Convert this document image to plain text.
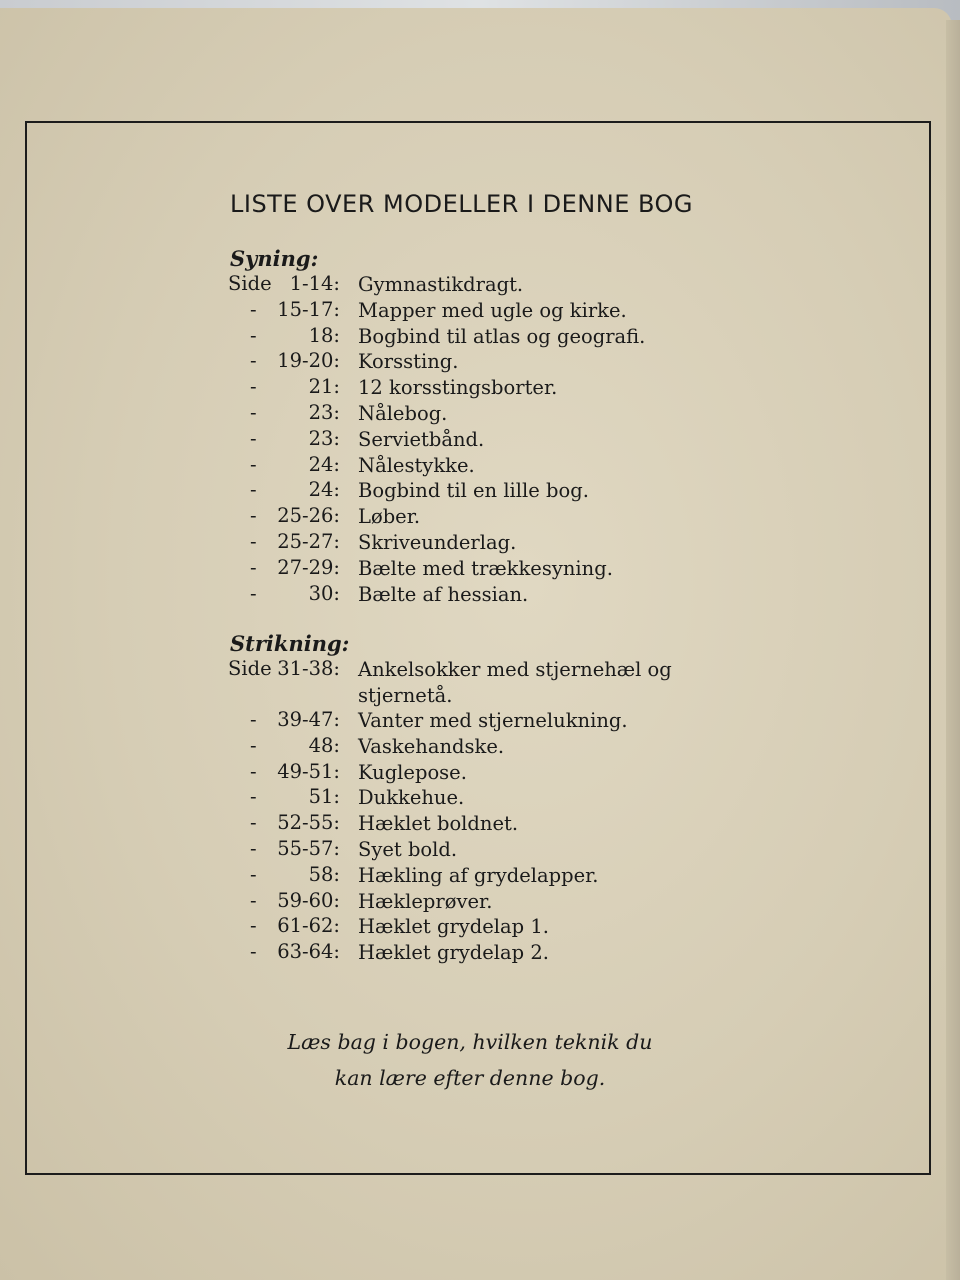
LISTE OVER MODELLER I DENNE BOG
Syning:
Side 1-14: Gymnastikdragt.
-	15-17: Mapper med ugle og kirke.
-	18: Bogbind til atlas og geografi.
-	19-20: Korssting.
-	21: 12 korsstingsborter.
-	23: Nålebog.
-	23: Servietbånd.
-	24: Nålestykke.
-	24: Bogbind til en lille bog.
-	25-26: Løber.
-	25-27: Skriveunderlag.
-	27-29: Bælte med trækkesyning.
-	30: Bælte af hessian.
Strikning:
Side 31-38: Ankelsokker med stjernehæl og stjernetå.
-	39-47: Vanter med stjernelukning.
-	48: Vaskehandske.
-	49-51: Kuglepose.
-	51: Dukkehue.
-	52-55: Hæklet boldnet.
-	55-57: Syet bold.
-	58: Hækling af grydelapper.
-	59-60: Hækleprøver.
-	61-62: Hæklet grydelap 1.
-	63-64: Hæklet grydelap 2.

Læs bag i bogen, hvilken teknik du
kan lære efter denne bog.
